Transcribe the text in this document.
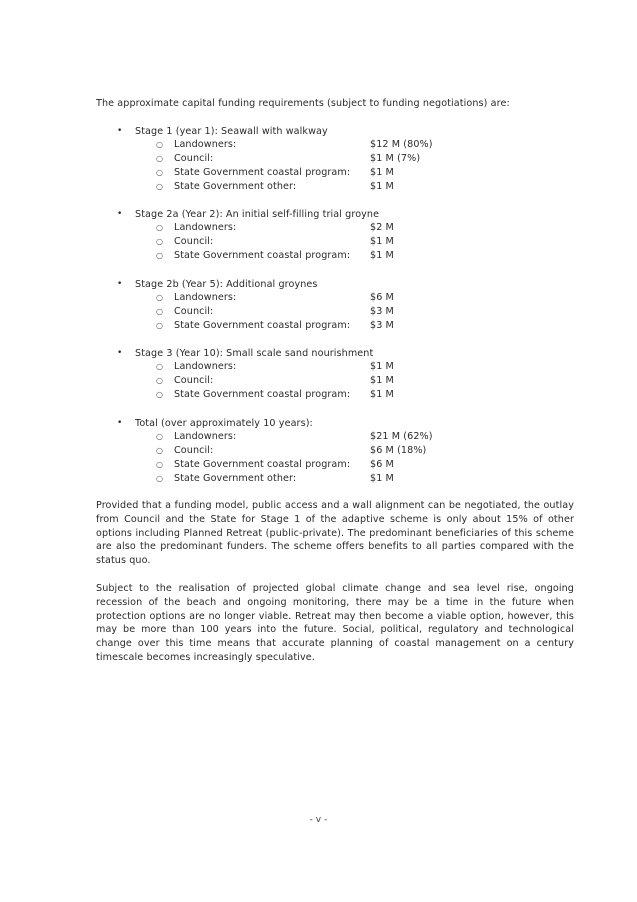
The approximate capital funding requirements (subject to funding negotiations) are:
• Stage 1 (year 1): Seawall with walkway
○ Landowners:	$12 M (80%)
○ Council:	$1 M (7%)
○ State Government coastal program: $1 M
○ State Government other:	$1 M
• Stage 2a (Year 2): An initial self-filling trial groyne
○ Landowners:	$2 M
○ Council:	$1 M
○ State Government coastal program: $1 M
• Stage 2b (Year 5): Additional groynes
○ Landowners:	$6 M
○ Council:	$3 M
○ State Government coastal program: $3 M
• Stage 3 (Year 10): Small scale sand nourishment
○ Landowners:	$1 M
○ Council:	$1 M
○ State Government coastal program: $1 M
• Total (over approximately 10 years):
○ Landowners:	$21 M (62%)
○ Council:	$6 M (18%)
○ State Government coastal program: $6 M
○ State Government other:	$1 M
Provided that a funding model, public access and a wall alignment can be negotiated, the outlay
from Council and the State for Stage 1 of the adaptive scheme is only about 15% of other
options including Planned Retreat (public-private). The predominant beneficiaries of this scheme
are also the predominant funders. The scheme offers benefits to all parties compared with the
status quo.
Subject to the realisation of projected global climate change and sea level rise, ongoing
recession of the beach and ongoing monitoring, there may be a time in the future when
protection options are no longer viable. Retreat may then become a viable option, however, this
may be more than 100 years into the future. Social, political, regulatory and technological
change over this time means that accurate planning of coastal management on a century
timescale becomes increasingly speculative.
- v -
